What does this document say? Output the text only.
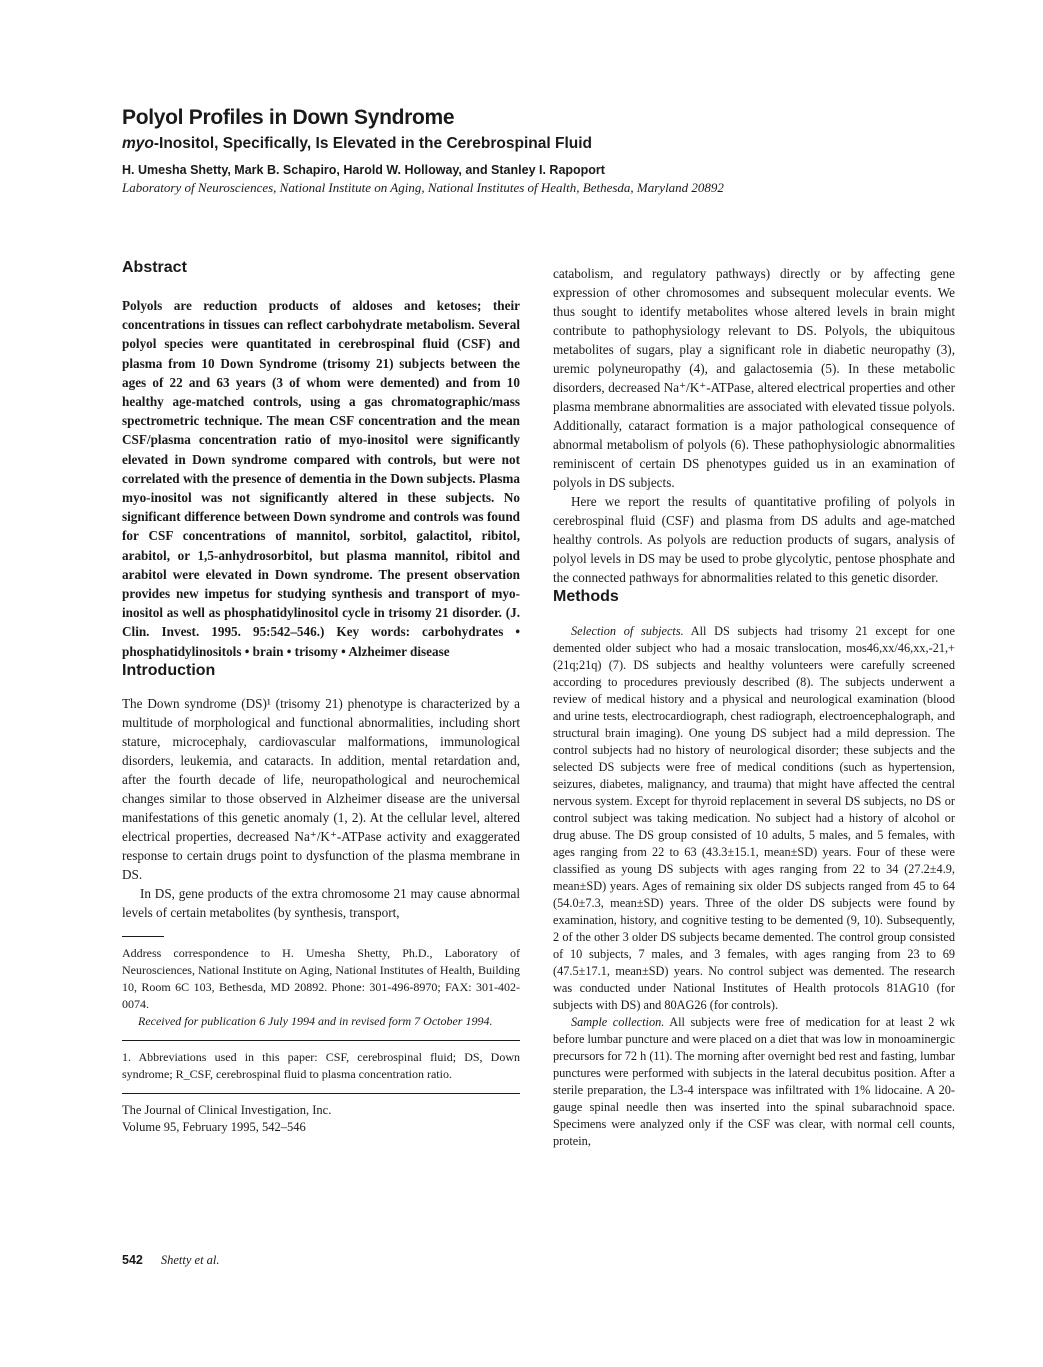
Polyol Profiles in Down Syndrome

myo-Inositol, Specifically, Is Elevated in the Cerebrospinal Fluid

H. Umesha Shetty, Mark B. Schapiro, Harold W. Holloway, and Stanley I. Rapoport

Laboratory of Neurosciences, National Institute on Aging, National Institutes of Health, Bethesda, Maryland 20892

Abstract

Polyols are reduction products of aldoses and ketoses; their concentrations in tissues can reflect carbohydrate metabolism. Several polyol species were quantitated in cerebrospinal fluid (CSF) and plasma from 10 Down Syndrome (trisomy 21) subjects between the ages of 22 and 63 years (3 of whom were demented) and from 10 healthy age-matched controls, using a gas chromatographic/mass spectrometric technique. The mean CSF concentration and the mean CSF/plasma concentration ratio of myo-inositol were significantly elevated in Down syndrome compared with controls, but were not correlated with the presence of dementia in the Down subjects. Plasma myo-inositol was not significantly altered in these subjects. No significant difference between Down syndrome and controls was found for CSF concentrations of mannitol, sorbitol, galactitol, ribitol, arabitol, or 1,5-anhydrosorbitol, but plasma mannitol, ribitol and arabitol were elevated in Down syndrome. The present observation provides new impetus for studying synthesis and transport of myo-inositol as well as phosphatidylinositol cycle in trisomy 21 disorder. (J. Clin. Invest. 1995. 95:542–546.) Key words: carbohydrates • phosphatidylinositols • brain • trisomy • Alzheimer disease

Introduction

The Down syndrome (DS)¹ (trisomy 21) phenotype is characterized by a multitude of morphological and functional abnormalities, including short stature, microcephaly, cardiovascular malformations, immunological disorders, leukemia, and cataracts. In addition, mental retardation and, after the fourth decade of life, neuropathological and neurochemical changes similar to those observed in Alzheimer disease are the universal manifestations of this genetic anomaly (1, 2). At the cellular level, altered electrical properties, decreased Na⁺/K⁺-ATPase activity and exaggerated response to certain drugs point to dysfunction of the plasma membrane in DS.

In DS, gene products of the extra chromosome 21 may cause abnormal levels of certain metabolites (by synthesis, transport,

Address correspondence to H. Umesha Shetty, Ph.D., Laboratory of Neurosciences, National Institute on Aging, National Institutes of Health, Building 10, Room 6C 103, Bethesda, MD 20892. Phone: 301-496-8970; FAX: 301-402-0074.

Received for publication 6 July 1994 and in revised form 7 October 1994.

1. Abbreviations used in this paper: CSF, cerebrospinal fluid; DS, Down syndrome; R_CSF, cerebrospinal fluid to plasma concentration ratio.

The Journal of Clinical Investigation, Inc.

Volume 95, February 1995, 542–546

catabolism, and regulatory pathways) directly or by affecting gene expression of other chromosomes and subsequent molecular events. We thus sought to identify metabolites whose altered levels in brain might contribute to pathophysiology relevant to DS. Polyols, the ubiquitous metabolites of sugars, play a significant role in diabetic neuropathy (3), uremic polyneuropathy (4), and galactosemia (5). In these metabolic disorders, decreased Na⁺/K⁺-ATPase, altered electrical properties and other plasma membrane abnormalities are associated with elevated tissue polyols. Additionally, cataract formation is a major pathological consequence of abnormal metabolism of polyols (6). These pathophysiologic abnormalities reminiscent of certain DS phenotypes guided us in an examination of polyols in DS subjects.

Here we report the results of quantitative profiling of polyols in cerebrospinal fluid (CSF) and plasma from DS adults and age-matched healthy controls. As polyols are reduction products of sugars, analysis of polyol levels in DS may be used to probe glycolytic, pentose phosphate and the connected pathways for abnormalities related to this genetic disorder.

Methods

Selection of subjects. All DS subjects had trisomy 21 except for one demented older subject who had a mosaic translocation, mos46,xx/46,xx,-21,+(21q;21q) (7). DS subjects and healthy volunteers were carefully screened according to procedures previously described (8). The subjects underwent a review of medical history and a physical and neurological examination (blood and urine tests, electrocardiograph, chest radiograph, electroencephalograph, and structural brain imaging). One young DS subject had a mild depression. The control subjects had no history of neurological disorder; these subjects and the selected DS subjects were free of medical conditions (such as hypertension, seizures, diabetes, malignancy, and trauma) that might have affected the central nervous system. Except for thyroid replacement in several DS subjects, no DS or control subject was taking medication. No subject had a history of alcohol or drug abuse. The DS group consisted of 10 adults, 5 males, and 5 females, with ages ranging from 22 to 63 (43.3±15.1, mean±SD) years. Four of these were classified as young DS subjects with ages ranging from 22 to 34 (27.2±4.9, mean±SD) years. Ages of remaining six older DS subjects ranged from 45 to 64 (54.0±7.3, mean±SD) years. Three of the older DS subjects were found by examination, history, and cognitive testing to be demented (9, 10). Subsequently, 2 of the other 3 older DS subjects became demented. The control group consisted of 10 subjects, 7 males, and 3 females, with ages ranging from 23 to 69 (47.5±17.1, mean±SD) years. No control subject was demented. The research was conducted under National Institutes of Health protocols 81AG10 (for subjects with DS) and 80AG26 (for controls).

Sample collection. All subjects were free of medication for at least 2 wk before lumbar puncture and were placed on a diet that was low in monoaminergic precursors for 72 h (11). The morning after overnight bed rest and fasting, lumbar punctures were performed with subjects in the lateral decubitus position. After a sterile preparation, the L3-4 interspace was infiltrated with 1% lidocaine. A 20-gauge spinal needle then was inserted into the spinal subarachnoid space. Specimens were analyzed only if the CSF was clear, with normal cell counts, protein,

542 Shetty et al.
